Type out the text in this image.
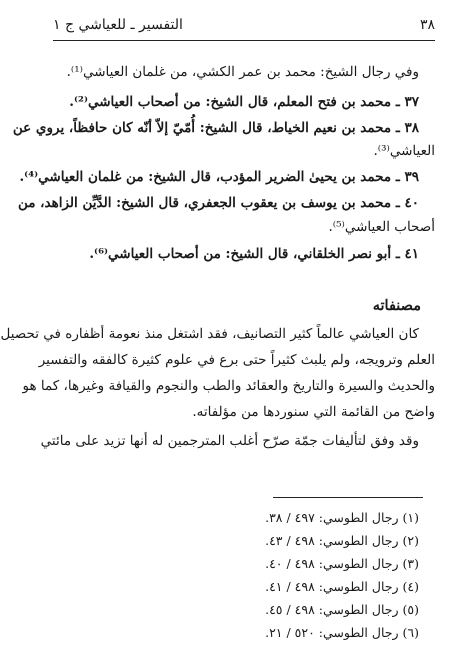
٣٨
التفسير ـ للعياشي ج ١
وفي رجال الشيخ: محمد بن عمر الكشي، من غلمان العياشي⁽¹⁾.
٣٧ ـ محمد بن فتح المعلم، قال الشيخ: من أصحاب العياشي⁽²⁾.
٣٨ ـ محمد بن نعيم الخياط، قال الشيخ: أُمّيّ إلاّ أنّه كان حافظاً، يروي عن
العياشي⁽³⁾.
٣٩ ـ محمد بن يحيىٰ الضرير المؤدب، قال الشيخ: من غلمان العياشي⁽⁴⁾.
٤٠ ـ محمد بن يوسف بن يعقوب الجعفري، قال الشيخ: الدَّيِّن الزاهد، من
أصحاب العياشي⁽⁵⁾.
٤١ ـ أبو نصر الخلقاني، قال الشيخ: من أصحاب العياشي⁽⁶⁾.
مصنفاته
كان العياشي عالماً كثير التصانيف، فقد اشتغل منذ نعومة أظفاره في تحصيل
العلم وترويجه، ولم يلبث كثيراً حتى برع في علوم كثيرة كالفقه والتفسير
والحديث والسيرة والتاريخ والعقائد والطب والنجوم والقيافة وغيرها، كما هو
واضح من القائمة التي سنوردها من مؤلفاته.
وقد وفق لتأليفات جمّة صرّح أغلب المترجمين له أنها تزيد على مائتي
(١) رجال الطوسي: ٤٩٧ / ٣٨.
(٢) رجال الطوسي: ٤٩٨ / ٤٣.
(٣) رجال الطوسي: ٤٩٨ / ٤٠.
(٤) رجال الطوسي: ٤٩٨ / ٤١.
(٥) رجال الطوسي: ٤٩٨ / ٤٥.
(٦) رجال الطوسي: ٥٢٠ / ٢١.
